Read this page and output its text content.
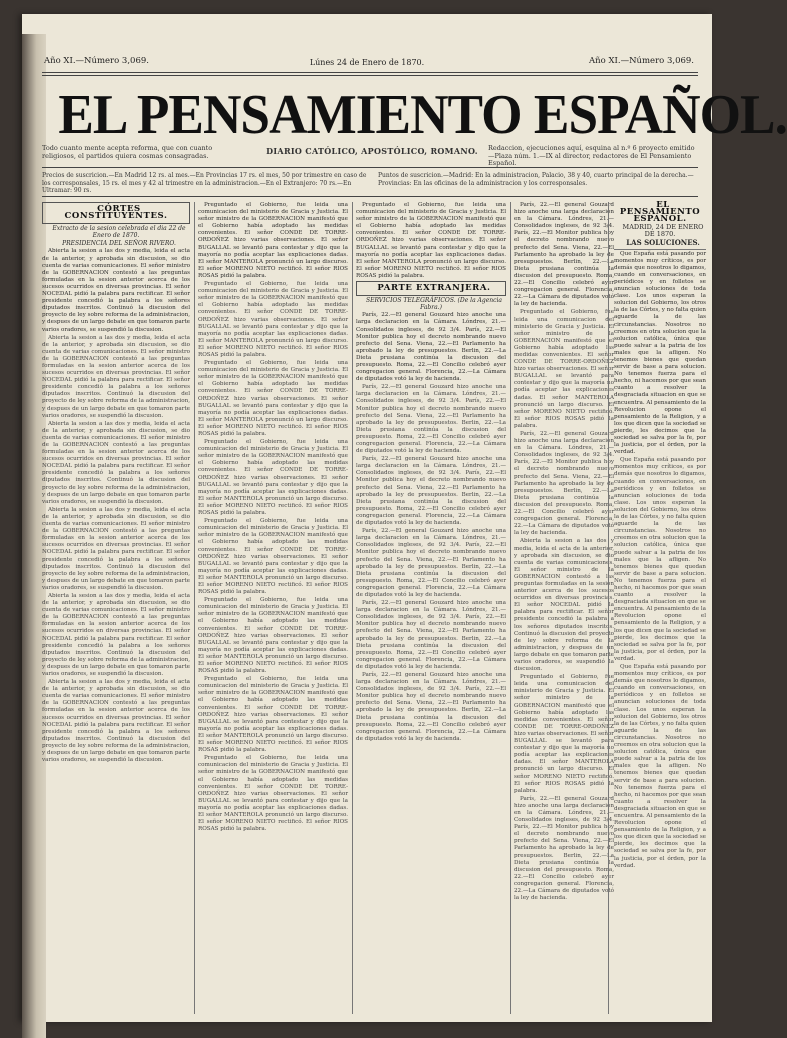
Año XI.—Número 3,069.	Lúnes 24 de Enero de 1870.	Año XI.—Número 3,069.
EL PENSAMIENTO ESPAÑOL.
Todo cuanto mente acepta reforma, que con cuanto religiosos, el partidos quiera cosmas consagradas.	DIARIO CATÓLICO, APOSTÓLICO, ROMANO.	Redaccion, ejecuciones aquí, esquina al n.º 6 proyecto emitido—Plaza núm. 1.—IX al director, redactores de El Pensamiento Español.
Precios de suscricion.—En Madrid 12 rs. al mes.—En Provincias 17 rs. el mes, 50 por trimestre en caso de los corresponsales, 15 rs. el mes y 42 al trimestre en la administracion.—En el Extranjero: 70 rs.—En Ultramar: 90 rs.
Puntos de suscricion.—Madrid: En la administracion, Palacio, 38 y 40, cuarto principal de la derecha.—Provincias: En las oficinas de la administracion y los corresponsales.

CÓRTES CONSTITUYENTES.

Extracto de la sesion celebrada el dia 22 de Enero de 1870.

PRESIDENCIA DEL SEÑOR RIVERO.

Abierta la sesion a las dos y media, leida el acta de la anterior, y aprobada sin discusion, se dio cuenta de varias comunicaciones. El señor ministro de la GOBERNACION contestó a las preguntas formuladas en la sesion anterior acerca de los sucesos ocurridos en diversas provincias. El señor NOCEDAL pidió la palabra para rectificar. El señor presidente concedió la palabra a los señores diputados inscritos. Continuó la discusion del proyecto de ley sobre reforma de la administracion, y despues de un largo debate en que tomaron parte varios oradores, se suspendió la discusion.

Abierta la sesion a las dos y media, leida el acta de la anterior, y aprobada sin discusion, se dio cuenta de varias comunicaciones. El señor ministro de la GOBERNACION contestó a las preguntas formuladas en la sesion anterior acerca de los sucesos ocurridos en diversas provincias. El señor NOCEDAL pidió la palabra para rectificar. El señor presidente concedió la palabra a los señores diputados inscritos. Continuó la discusion del proyecto de ley sobre reforma de la administracion, y despues de un largo debate en que tomaron parte varios oradores, se suspendió la discusion.

Abierta la sesion a las dos y media, leida el acta de la anterior, y aprobada sin discusion, se dio cuenta de varias comunicaciones. El señor ministro de la GOBERNACION contestó a las preguntas formuladas en la sesion anterior acerca de los sucesos ocurridos en diversas provincias. El señor NOCEDAL pidió la palabra para rectificar. El señor presidente concedió la palabra a los señores diputados inscritos. Continuó la discusion del proyecto de ley sobre reforma de la administracion, y despues de un largo debate en que tomaron parte varios oradores, se suspendió la discusion.

Abierta la sesion a las dos y media, leida el acta de la anterior, y aprobada sin discusion, se dio cuenta de varias comunicaciones. El señor ministro de la GOBERNACION contestó a las preguntas formuladas en la sesion anterior acerca de los sucesos ocurridos en diversas provincias. El señor NOCEDAL pidió la palabra para rectificar. El señor presidente concedió la palabra a los señores diputados inscritos. Continuó la discusion del proyecto de ley sobre reforma de la administracion, y despues de un largo debate en que tomaron parte varios oradores, se suspendió la discusion.

Abierta la sesion a las dos y media, leida el acta de la anterior, y aprobada sin discusion, se dio cuenta de varias comunicaciones. El señor ministro de la GOBERNACION contestó a las preguntas formuladas en la sesion anterior acerca de los sucesos ocurridos en diversas provincias. El señor NOCEDAL pidió la palabra para rectificar. El señor presidente concedió la palabra a los señores diputados inscritos. Continuó la discusion del proyecto de ley sobre reforma de la administracion, y despues de un largo debate en que tomaron parte varios oradores, se suspendió la discusion.

Abierta la sesion a las dos y media, leida el acta de la anterior, y aprobada sin discusion, se dio cuenta de varias comunicaciones. El señor ministro de la GOBERNACION contestó a las preguntas formuladas en la sesion anterior acerca de los sucesos ocurridos en diversas provincias. El señor NOCEDAL pidió la palabra para rectificar. El señor presidente concedió la palabra a los señores diputados inscritos. Continuó la discusion del proyecto de ley sobre reforma de la administracion, y despues de un largo debate en que tomaron parte varios oradores, se suspendió la discusion.

Preguntado el Gobierno, fue leida una comunicacion del ministerio de Gracia y Justicia. El señor ministro de la GOBERNACION manifestó que el Gobierno había adoptado las medidas convenientes. El señor CONDE DE TORRE-ORDOÑEZ hizo varias observaciones. El señor BUGALLAL se levantó para contestar y dijo que la mayoría no podía aceptar las explicaciones dadas. El señor MANTEROLA pronunció un largo discurso. El señor MORENO NIETO rectificó. El señor RIOS ROSAS pidió la palabra.

Preguntado el Gobierno, fue leida una comunicacion del ministerio de Gracia y Justicia. El señor ministro de la GOBERNACION manifestó que el Gobierno había adoptado las medidas convenientes. El señor CONDE DE TORRE-ORDOÑEZ hizo varias observaciones. El señor BUGALLAL se levantó para contestar y dijo que la mayoría no podía aceptar las explicaciones dadas. El señor MANTEROLA pronunció un largo discurso. El señor MORENO NIETO rectificó. El señor RIOS ROSAS pidió la palabra.

Preguntado el Gobierno, fue leida una comunicacion del ministerio de Gracia y Justicia. El señor ministro de la GOBERNACION manifestó que el Gobierno había adoptado las medidas convenientes. El señor CONDE DE TORRE-ORDOÑEZ hizo varias observaciones. El señor BUGALLAL se levantó para contestar y dijo que la mayoría no podía aceptar las explicaciones dadas. El señor MANTEROLA pronunció un largo discurso. El señor MORENO NIETO rectificó. El señor RIOS ROSAS pidió la palabra.

Preguntado el Gobierno, fue leida una comunicacion del ministerio de Gracia y Justicia. El señor ministro de la GOBERNACION manifestó que el Gobierno había adoptado las medidas convenientes. El señor CONDE DE TORRE-ORDOÑEZ hizo varias observaciones. El señor BUGALLAL se levantó para contestar y dijo que la mayoría no podía aceptar las explicaciones dadas. El señor MANTEROLA pronunció un largo discurso. El señor MORENO NIETO rectificó. El señor RIOS ROSAS pidió la palabra.

Preguntado el Gobierno, fue leida una comunicacion del ministerio de Gracia y Justicia. El señor ministro de la GOBERNACION manifestó que el Gobierno había adoptado las medidas convenientes. El señor CONDE DE TORRE-ORDOÑEZ hizo varias observaciones. El señor BUGALLAL se levantó para contestar y dijo que la mayoría no podía aceptar las explicaciones dadas. El señor MANTEROLA pronunció un largo discurso. El señor MORENO NIETO rectificó. El señor RIOS ROSAS pidió la palabra.

Preguntado el Gobierno, fue leida una comunicacion del ministerio de Gracia y Justicia. El señor ministro de la GOBERNACION manifestó que el Gobierno había adoptado las medidas convenientes. El señor CONDE DE TORRE-ORDOÑEZ hizo varias observaciones. El señor BUGALLAL se levantó para contestar y dijo que la mayoría no podía aceptar las explicaciones dadas. El señor MANTEROLA pronunció un largo discurso. El señor MORENO NIETO rectificó. El señor RIOS ROSAS pidió la palabra.

Preguntado el Gobierno, fue leida una comunicacion del ministerio de Gracia y Justicia. El señor ministro de la GOBERNACION manifestó que el Gobierno había adoptado las medidas convenientes. El señor CONDE DE TORRE-ORDOÑEZ hizo varias observaciones. El señor BUGALLAL se levantó para contestar y dijo que la mayoría no podía aceptar las explicaciones dadas. El señor MANTEROLA pronunció un largo discurso. El señor MORENO NIETO rectificó. El señor RIOS ROSAS pidió la palabra.

Preguntado el Gobierno, fue leida una comunicacion del ministerio de Gracia y Justicia. El señor ministro de la GOBERNACION manifestó que el Gobierno había adoptado las medidas convenientes. El señor CONDE DE TORRE-ORDOÑEZ hizo varias observaciones. El señor BUGALLAL se levantó para contestar y dijo que la mayoría no podía aceptar las explicaciones dadas. El señor MANTEROLA pronunció un largo discurso. El señor MORENO NIETO rectificó. El señor RIOS ROSAS pidió la palabra.

Preguntado el Gobierno, fue leida una comunicacion del ministerio de Gracia y Justicia. El señor ministro de la GOBERNACION manifestó que el Gobierno había adoptado las medidas convenientes. El señor CONDE DE TORRE-ORDOÑEZ hizo varias observaciones. El señor BUGALLAL se levantó para contestar y dijo que la mayoría no podía aceptar las explicaciones dadas. El señor MANTEROLA pronunció un largo discurso. El señor MORENO NIETO rectificó. El señor RIOS ROSAS pidió la palabra.

PARTE EXTRANJERA.

SERVICIOS TELEGRÁFICOS. (De la Agencia Fabra.)

París, 22.—El general Gouzard hizo anoche una larga declaracion en la Cámara. Lóndres, 21.—Consolidados ingleses, de 92 3/4. París, 22.—El Monitor publica hoy el decreto nombrando nuevo prefecto del Sena. Viena, 22.—El Parlamento ha aprobado la ley de presupuestos. Berlin, 22.—La Dieta prusiana continúa la discusion del presupuesto. Roma, 22.—El Concilio celebró ayer congregacion general. Florencia, 22.—La Cámara de diputados votó la ley de hacienda.

París, 22.—El general Gouzard hizo anoche una larga declaracion en la Cámara. Lóndres, 21.—Consolidados ingleses, de 92 3/4. París, 22.—El Monitor publica hoy el decreto nombrando nuevo prefecto del Sena. Viena, 22.—El Parlamento ha aprobado la ley de presupuestos. Berlin, 22.—La Dieta prusiana continúa la discusion del presupuesto. Roma, 22.—El Concilio celebró ayer congregacion general. Florencia, 22.—La Cámara de diputados votó la ley de hacienda.

París, 22.—El general Gouzard hizo anoche una larga declaracion en la Cámara. Lóndres, 21.—Consolidados ingleses, de 92 3/4. París, 22.—El Monitor publica hoy el decreto nombrando nuevo prefecto del Sena. Viena, 22.—El Parlamento ha aprobado la ley de presupuestos. Berlin, 22.—La Dieta prusiana continúa la discusion del presupuesto. Roma, 22.—El Concilio celebró ayer congregacion general. Florencia, 22.—La Cámara de diputados votó la ley de hacienda.

París, 22.—El general Gouzard hizo anoche una larga declaracion en la Cámara. Lóndres, 21.—Consolidados ingleses, de 92 3/4. París, 22.—El Monitor publica hoy el decreto nombrando nuevo prefecto del Sena. Viena, 22.—El Parlamento ha aprobado la ley de presupuestos. Berlin, 22.—La Dieta prusiana continúa la discusion del presupuesto. Roma, 22.—El Concilio celebró ayer congregacion general. Florencia, 22.—La Cámara de diputados votó la ley de hacienda.

París, 22.—El general Gouzard hizo anoche una larga declaracion en la Cámara. Lóndres, 21.—Consolidados ingleses, de 92 3/4. París, 22.—El Monitor publica hoy el decreto nombrando nuevo prefecto del Sena. Viena, 22.—El Parlamento ha aprobado la ley de presupuestos. Berlin, 22.—La Dieta prusiana continúa la discusion del presupuesto. Roma, 22.—El Concilio celebró ayer congregacion general. Florencia, 22.—La Cámara de diputados votó la ley de hacienda.

París, 22.—El general Gouzard hizo anoche una larga declaracion en la Cámara. Lóndres, 21.—Consolidados ingleses, de 92 3/4. París, 22.—El Monitor publica hoy el decreto nombrando nuevo prefecto del Sena. Viena, 22.—El Parlamento ha aprobado la ley de presupuestos. Berlin, 22.—La Dieta prusiana continúa la discusion del presupuesto. Roma, 22.—El Concilio celebró ayer congregacion general. Florencia, 22.—La Cámara de diputados votó la ley de hacienda.

París, 22.—El general Gouzard hizo anoche una larga declaracion en la Cámara. Lóndres, 21.—Consolidados ingleses, de 92 3/4. París, 22.—El Monitor publica hoy el decreto nombrando nuevo prefecto del Sena. Viena, 22.—El Parlamento ha aprobado la ley de presupuestos. Berlin, 22.—La Dieta prusiana continúa la discusion del presupuesto. Roma, 22.—El Concilio celebró ayer congregacion general. Florencia, 22.—La Cámara de diputados votó la ley de hacienda.

Preguntado el Gobierno, fue leida una comunicacion del ministerio de Gracia y Justicia. El señor ministro de la GOBERNACION manifestó que el Gobierno había adoptado las medidas convenientes. El señor CONDE DE TORRE-ORDOÑEZ hizo varias observaciones. El señor BUGALLAL se levantó para contestar y dijo que la mayoría no podía aceptar las explicaciones dadas. El señor MANTEROLA pronunció un largo discurso. El señor MORENO NIETO rectificó. El señor RIOS ROSAS pidió la palabra.

París, 22.—El general Gouzard hizo anoche una larga declaracion en la Cámara. Lóndres, 21.—Consolidados ingleses, de 92 3/4. París, 22.—El Monitor publica hoy el decreto nombrando nuevo prefecto del Sena. Viena, 22.—El Parlamento ha aprobado la ley de presupuestos. Berlin, 22.—La Dieta prusiana continúa la discusion del presupuesto. Roma, 22.—El Concilio celebró ayer congregacion general. Florencia, 22.—La Cámara de diputados votó la ley de hacienda.

Abierta la sesion a las dos y media, leida el acta de la anterior, y aprobada sin discusion, se dio cuenta de varias comunicaciones. El señor ministro de la GOBERNACION contestó a las preguntas formuladas en la sesion anterior acerca de los sucesos ocurridos en diversas provincias. El señor NOCEDAL pidió la palabra para rectificar. El señor presidente concedió la palabra a los señores diputados inscritos. Continuó la discusion del proyecto de ley sobre reforma de la administracion, y despues de un largo debate en que tomaron parte varios oradores, se suspendió la discusion.

Preguntado el Gobierno, fue leida una comunicacion del ministerio de Gracia y Justicia. El señor ministro de la GOBERNACION manifestó que el Gobierno había adoptado las medidas convenientes. El señor CONDE DE TORRE-ORDOÑEZ hizo varias observaciones. El señor BUGALLAL se levantó para contestar y dijo que la mayoría no podía aceptar las explicaciones dadas. El señor MANTEROLA pronunció un largo discurso. El señor MORENO NIETO rectificó. El señor RIOS ROSAS pidió la palabra.

París, 22.—El general Gouzard hizo anoche una larga declaracion en la Cámara. Lóndres, 21.—Consolidados ingleses, de 92 3/4. París, 22.—El Monitor publica hoy el decreto nombrando nuevo prefecto del Sena. Viena, 22.—El Parlamento ha aprobado la ley de presupuestos. Berlin, 22.—La Dieta prusiana continúa la discusion del presupuesto. Roma, 22.—El Concilio celebró ayer congregacion general. Florencia, 22.—La Cámara de diputados votó la ley de hacienda.

EL PENSAMIENTO ESPAÑOL.

MADRID, 24 DE ENERO DE 1870.

LAS SOLUCIONES.

Que España está pasando por momentos muy críticos, es por demás que nosotros lo digamos, cuando en conversaciones, en periódicos y en folletos se anuncian soluciones de toda clase. Los unos esperan la solucion del Gobierno, los otros la de las Córtes, y no falta quien aguarde la de las circunstancias. Nosotros no creemos en otra solucion que la solucion católica, única que puede salvar a la patria de los males que la afligen. No tenemos bienes que quedan servir de base a para solucion. No tenemos fuerza para el hecho, ni hacemos por que sean cuanto a resolver la desgraciada situacion en que se encuentra. Al pensamiento de la Revolucion opone el pensamiento de la Religion, y a los que dicen que la sociedad se pierde, les decimos que la sociedad se salva por la fe, por la justicia, por el órden, por la verdad.

Que España está pasando por momentos muy críticos, es por demás que nosotros lo digamos, cuando en conversaciones, en periódicos y en folletos se anuncian soluciones de toda clase. Los unos esperan la solucion del Gobierno, los otros la de las Córtes, y no falta quien aguarde la de las circunstancias. Nosotros no creemos en otra solucion que la solucion católica, única que puede salvar a la patria de los males que la afligen. No tenemos bienes que quedan servir de base a para solucion. No tenemos fuerza para el hecho, ni hacemos por que sean cuanto a resolver la desgraciada situacion en que se encuentra. Al pensamiento de la Revolucion opone el pensamiento de la Religion, y a los que dicen que la sociedad se pierde, les decimos que la sociedad se salva por la fe, por la justicia, por el órden, por la verdad.

Que España está pasando por momentos muy críticos, es por demás que nosotros lo digamos, cuando en conversaciones, en periódicos y en folletos se anuncian soluciones de toda clase. Los unos esperan la solucion del Gobierno, los otros la de las Córtes, y no falta quien aguarde la de las circunstancias. Nosotros no creemos en otra solucion que la solucion católica, única que puede salvar a la patria de los males que la afligen. No tenemos bienes que quedan servir de base a para solucion. No tenemos fuerza para el hecho, ni hacemos por que sean cuanto a resolver la desgraciada situacion en que se encuentra. Al pensamiento de la Revolucion opone el pensamiento de la Religion, y a los que dicen que la sociedad se pierde, les decimos que la sociedad se salva por la fe, por la justicia, por el órden, por la verdad.
